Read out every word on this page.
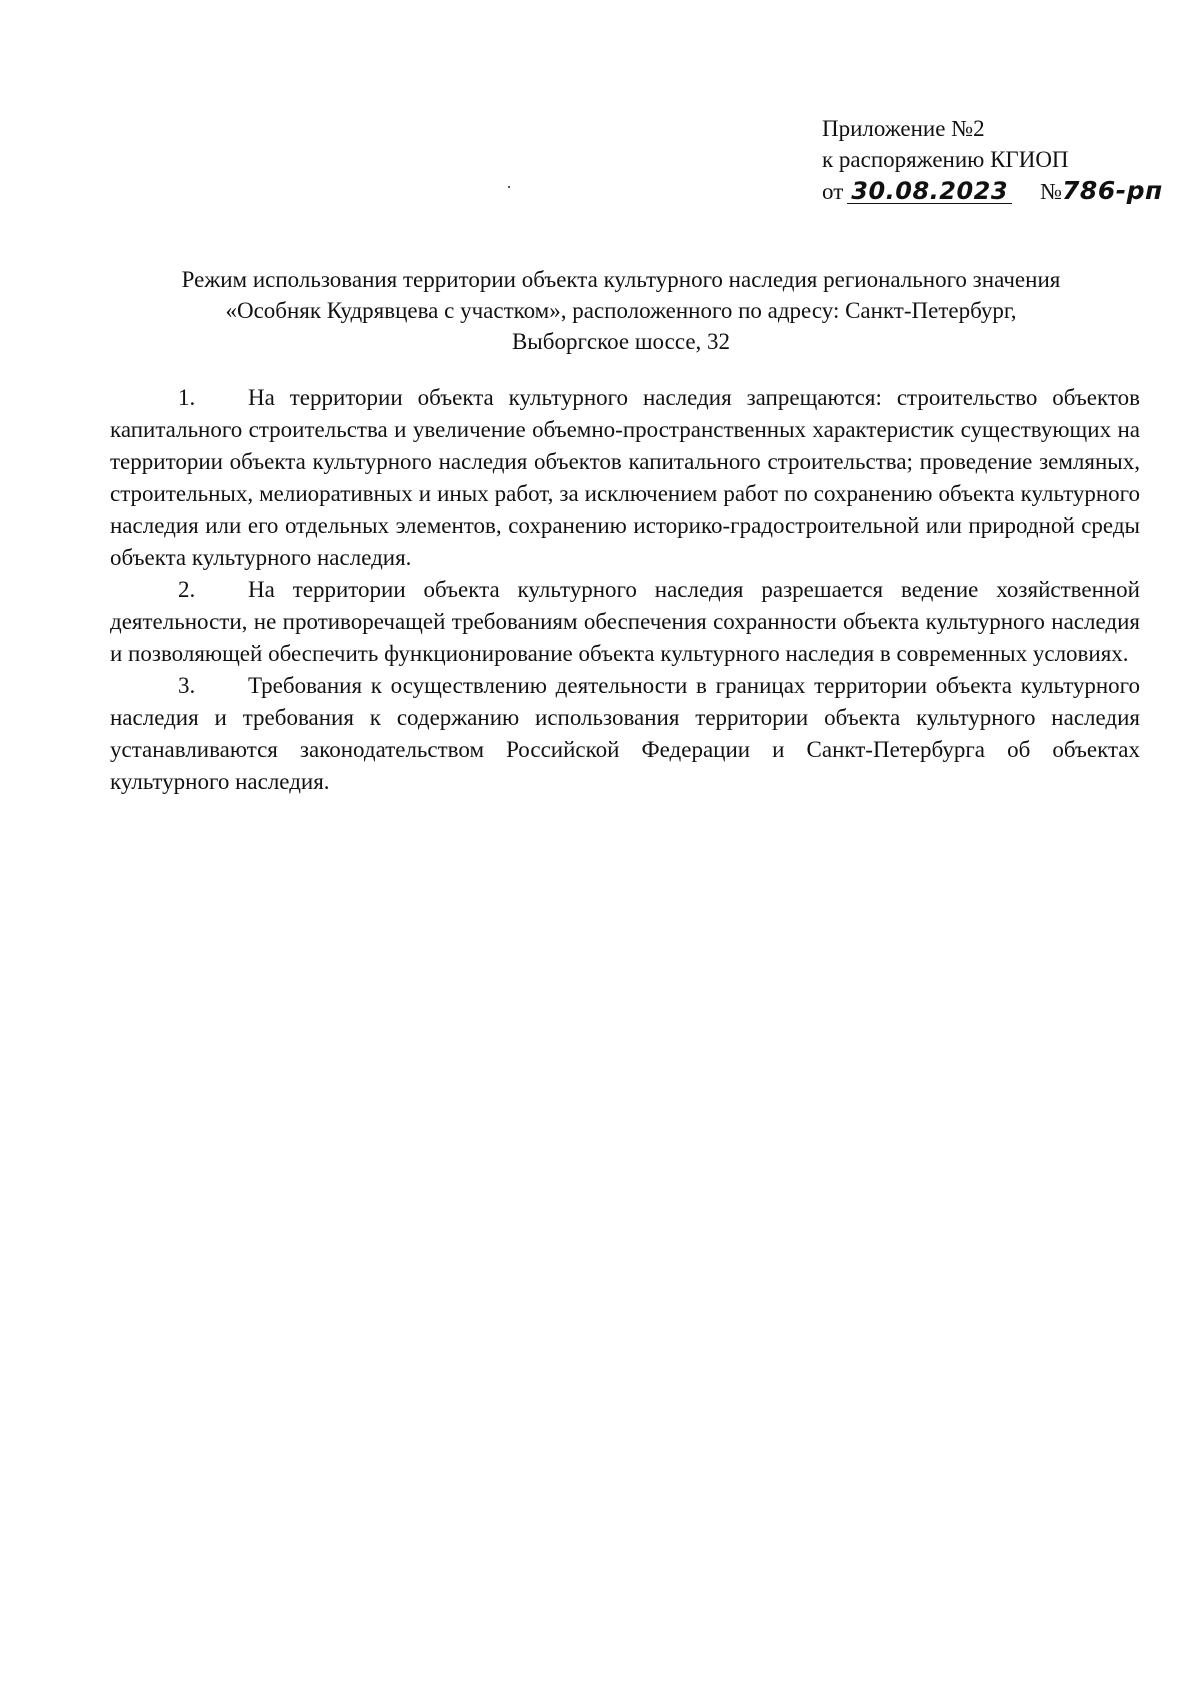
Приложение №2
к распоряжению КГИОП
от 30.08.2023 №786-рп
Режим использования территории объекта культурного наследия регионального значения
«Особняк Кудрявцева с участком», расположенного по адресу: Санкт-Петербург,
Выборгское шоссе, 32

1. На территории объекта культурного наследия запрещаются: строительство объектов капитального строительства и увеличение объемно-пространственных характеристик существующих на территории объекта культурного наследия объектов капитального строительства; проведение земляных, строительных, мелиоративных и иных работ, за исключением работ по сохранению объекта культурного наследия или его отдельных элементов, сохранению историко-градостроительной или природной среды объекта культурного наследия.

2. На территории объекта культурного наследия разрешается ведение хозяйственной деятельности, не противоречащей требованиям обеспечения сохранности объекта культурного наследия и позволяющей обеспечить функционирование объекта культурного наследия в современных условиях.

3. Требования к осуществлению деятельности в границах территории объекта культурного наследия и требования к содержанию использования территории объекта культурного наследия устанавливаются законодательством Российской Федерации и Санкт-Петербурга об объектах культурного наследия.
